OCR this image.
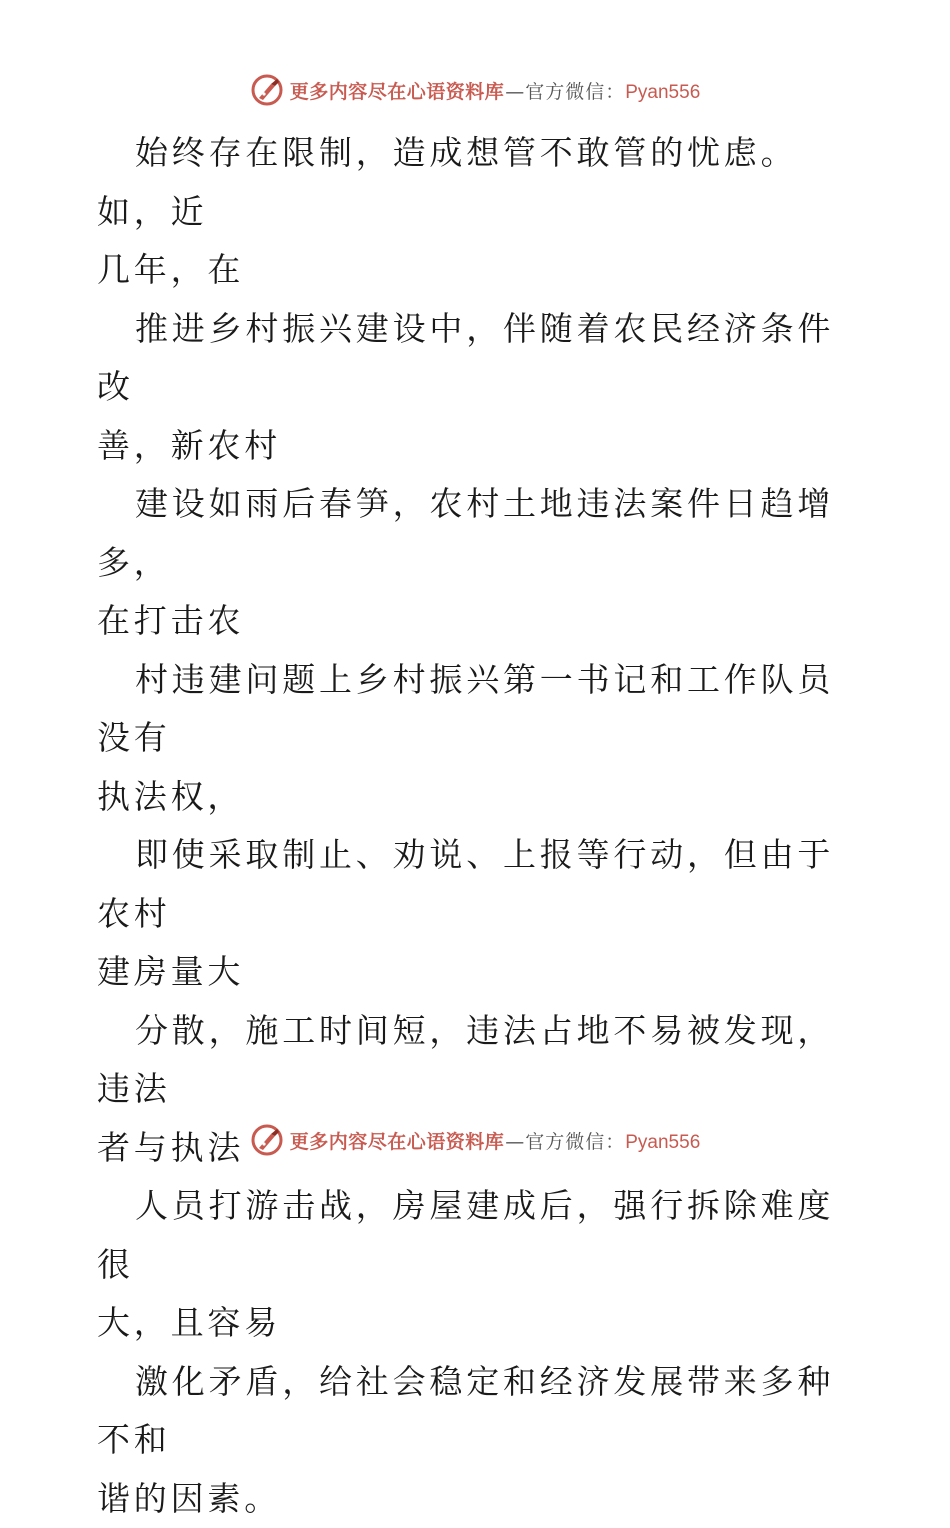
更多内容尽在心语资料库 — 官方微信： Pyan556

始终存在限制，造成想管不敢管的忧虑。如，近
几年，在

推进乡村振兴建设中，伴随着农民经济条件改
善，新农村

建设如雨后春笋，农村土地违法案件日趋增多，
在打击农

村违建问题上乡村振兴第一书记和工作队员没有
执法权，

即使采取制止、劝说、上报等行动，但由于农村
建房量大

分散，施工时间短，违法占地不易被发现，违法
者与执法

人员打游击战，房屋建成后，强行拆除难度很
大，且容易

激化矛盾，给社会稳定和经济发展带来多种不和
谐的因素。

更多内容尽在心语资料库 — 官方微信： Pyan556
